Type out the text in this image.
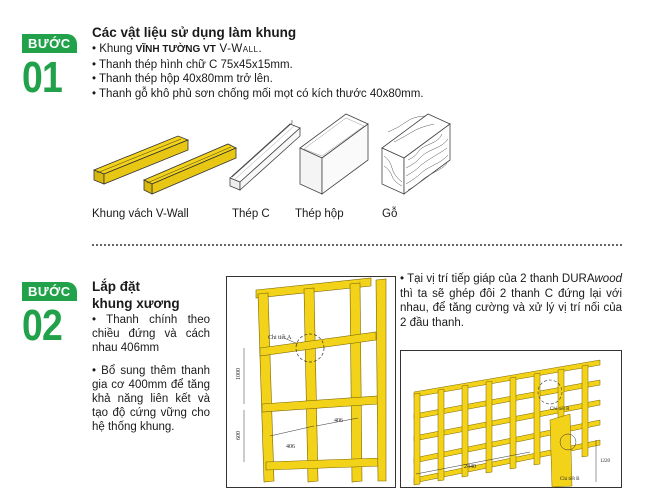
BƯỚC
01
Các vật liệu sử dụng làm khung
• Khung VĨNH TƯỜNG VT V-Wall.
• Thanh thép hình chữ C 75x45x15mm.
• Thanh thép hộp 40x80mm trở lên.
• Thanh gỗ khô phủ sơn chống mối mọt có kích thước 40x80mm.
Khung vách V-Wall	Thép C Thép hộp	Gỗ
BƯỚC
02
Lắp đặt
khung xương
• Thanh chính theo chiều đứng và cách nhau 406mm
• Bổ sung thêm thanh gia cơ 400mm để tăng khả năng liên kết và tạo độ cứng vững cho hệ thống khung.
• Tại vị trí tiếp giáp của 2 thanh DURAwood thì ta sẽ ghép đôi 2 thanh C đứng lại với nhau, để tăng cường và xử lý vị trí nối của 2 đầu thanh.
Chi tiết A
1000
600
406
406
Chi tiết B
Chi tiết B
2440
1220
